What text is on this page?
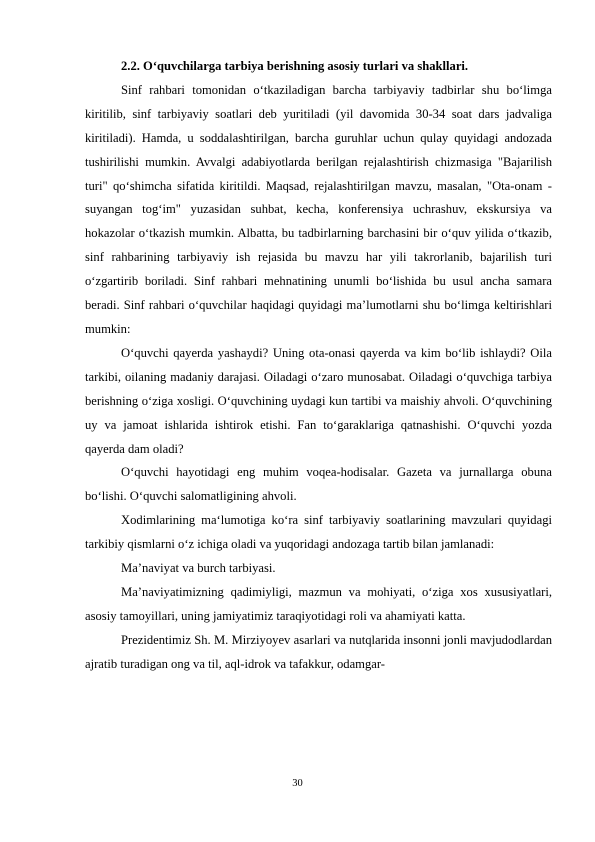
2.2. O‘quvchilarga tarbiya berishning asosiy turlari va shakllari.

Sinf rahbari tomonidan o‘tkaziladigan barcha tarbiyaviy tadbirlar shu bo‘limga kiritilib, sinf tarbiyaviy soatlari deb yuritiladi (yil davomida 30-34 soat dars jadvaliga kiritiladi). Hamda, u soddalashtirilgan, barcha guruhlar uchun qulay quyidagi andozada tushirilishi mumkin. Avvalgi adabiyotlarda berilgan rejalashtirish chizmasiga "Bajarilish turi" qo‘shimcha sifatida kiritildi. Maqsad, rejalashtirilgan mavzu, masalan, "Ota-onam - suyangan tog‘im" yuzasidan suhbat, kecha, konferensiya uchrashuv, ekskursiya va hokazolar o‘tkazish mumkin. Albatta, bu tadbirlarning barchasini bir o‘quv yilida o‘tkazib, sinf rahbarining tarbiyaviy ish rejasida bu mavzu har yili takrorlanib, bajarilish turi o‘zgartirib boriladi. Sinf rahbari mehnatining unumli bo‘lishida bu usul ancha samara beradi. Sinf rahbari o‘quvchilar haqidagi quyidagi ma’lumotlarni shu bo‘limga keltirishlari mumkin:

O‘quvchi qayerda yashaydi? Uning ota-onasi qayerda va kim bo‘lib ishlaydi? Oila tarkibi, oilaning madaniy darajasi. Oiladagi o‘zaro munosabat. Oiladagi o‘quvchiga tarbiya berishning o‘ziga xosligi. O‘quvchining uydagi kun tartibi va maishiy ahvoli. O‘quvchining uy va jamoat ishlarida ishtirok etishi. Fan to‘garaklariga qatnashishi. O‘quvchi yozda qayerda dam oladi?

O‘quvchi hayotidagi eng muhim voqea-hodisalar. Gazeta va jurnallarga obuna bo‘lishi. O‘quvchi salomatligining ahvoli.

Xodimlarining ma‘lumotiga ko‘ra sinf tarbiyaviy soatlarining mavzulari quyidagi tarkibiy qismlarni o‘z ichiga oladi va yuqoridagi andozaga tartib bilan jamlanadi:

Ma’naviyat va burch tarbiyasi.

Ma’naviyatimizning qadimiyligi, mazmun va mohiyati, o‘ziga xos xususiyatlari, asosiy tamoyillari, uning jamiyatimiz taraqiyotidagi roli va ahamiyati katta.

Prezidentimiz Sh. M. Mirziyoyev asarlari va nutqlarida insonni jonli mavjudodlardan ajratib turadigan ong va til, aql-idrok va tafakkur, odamgar-

30
